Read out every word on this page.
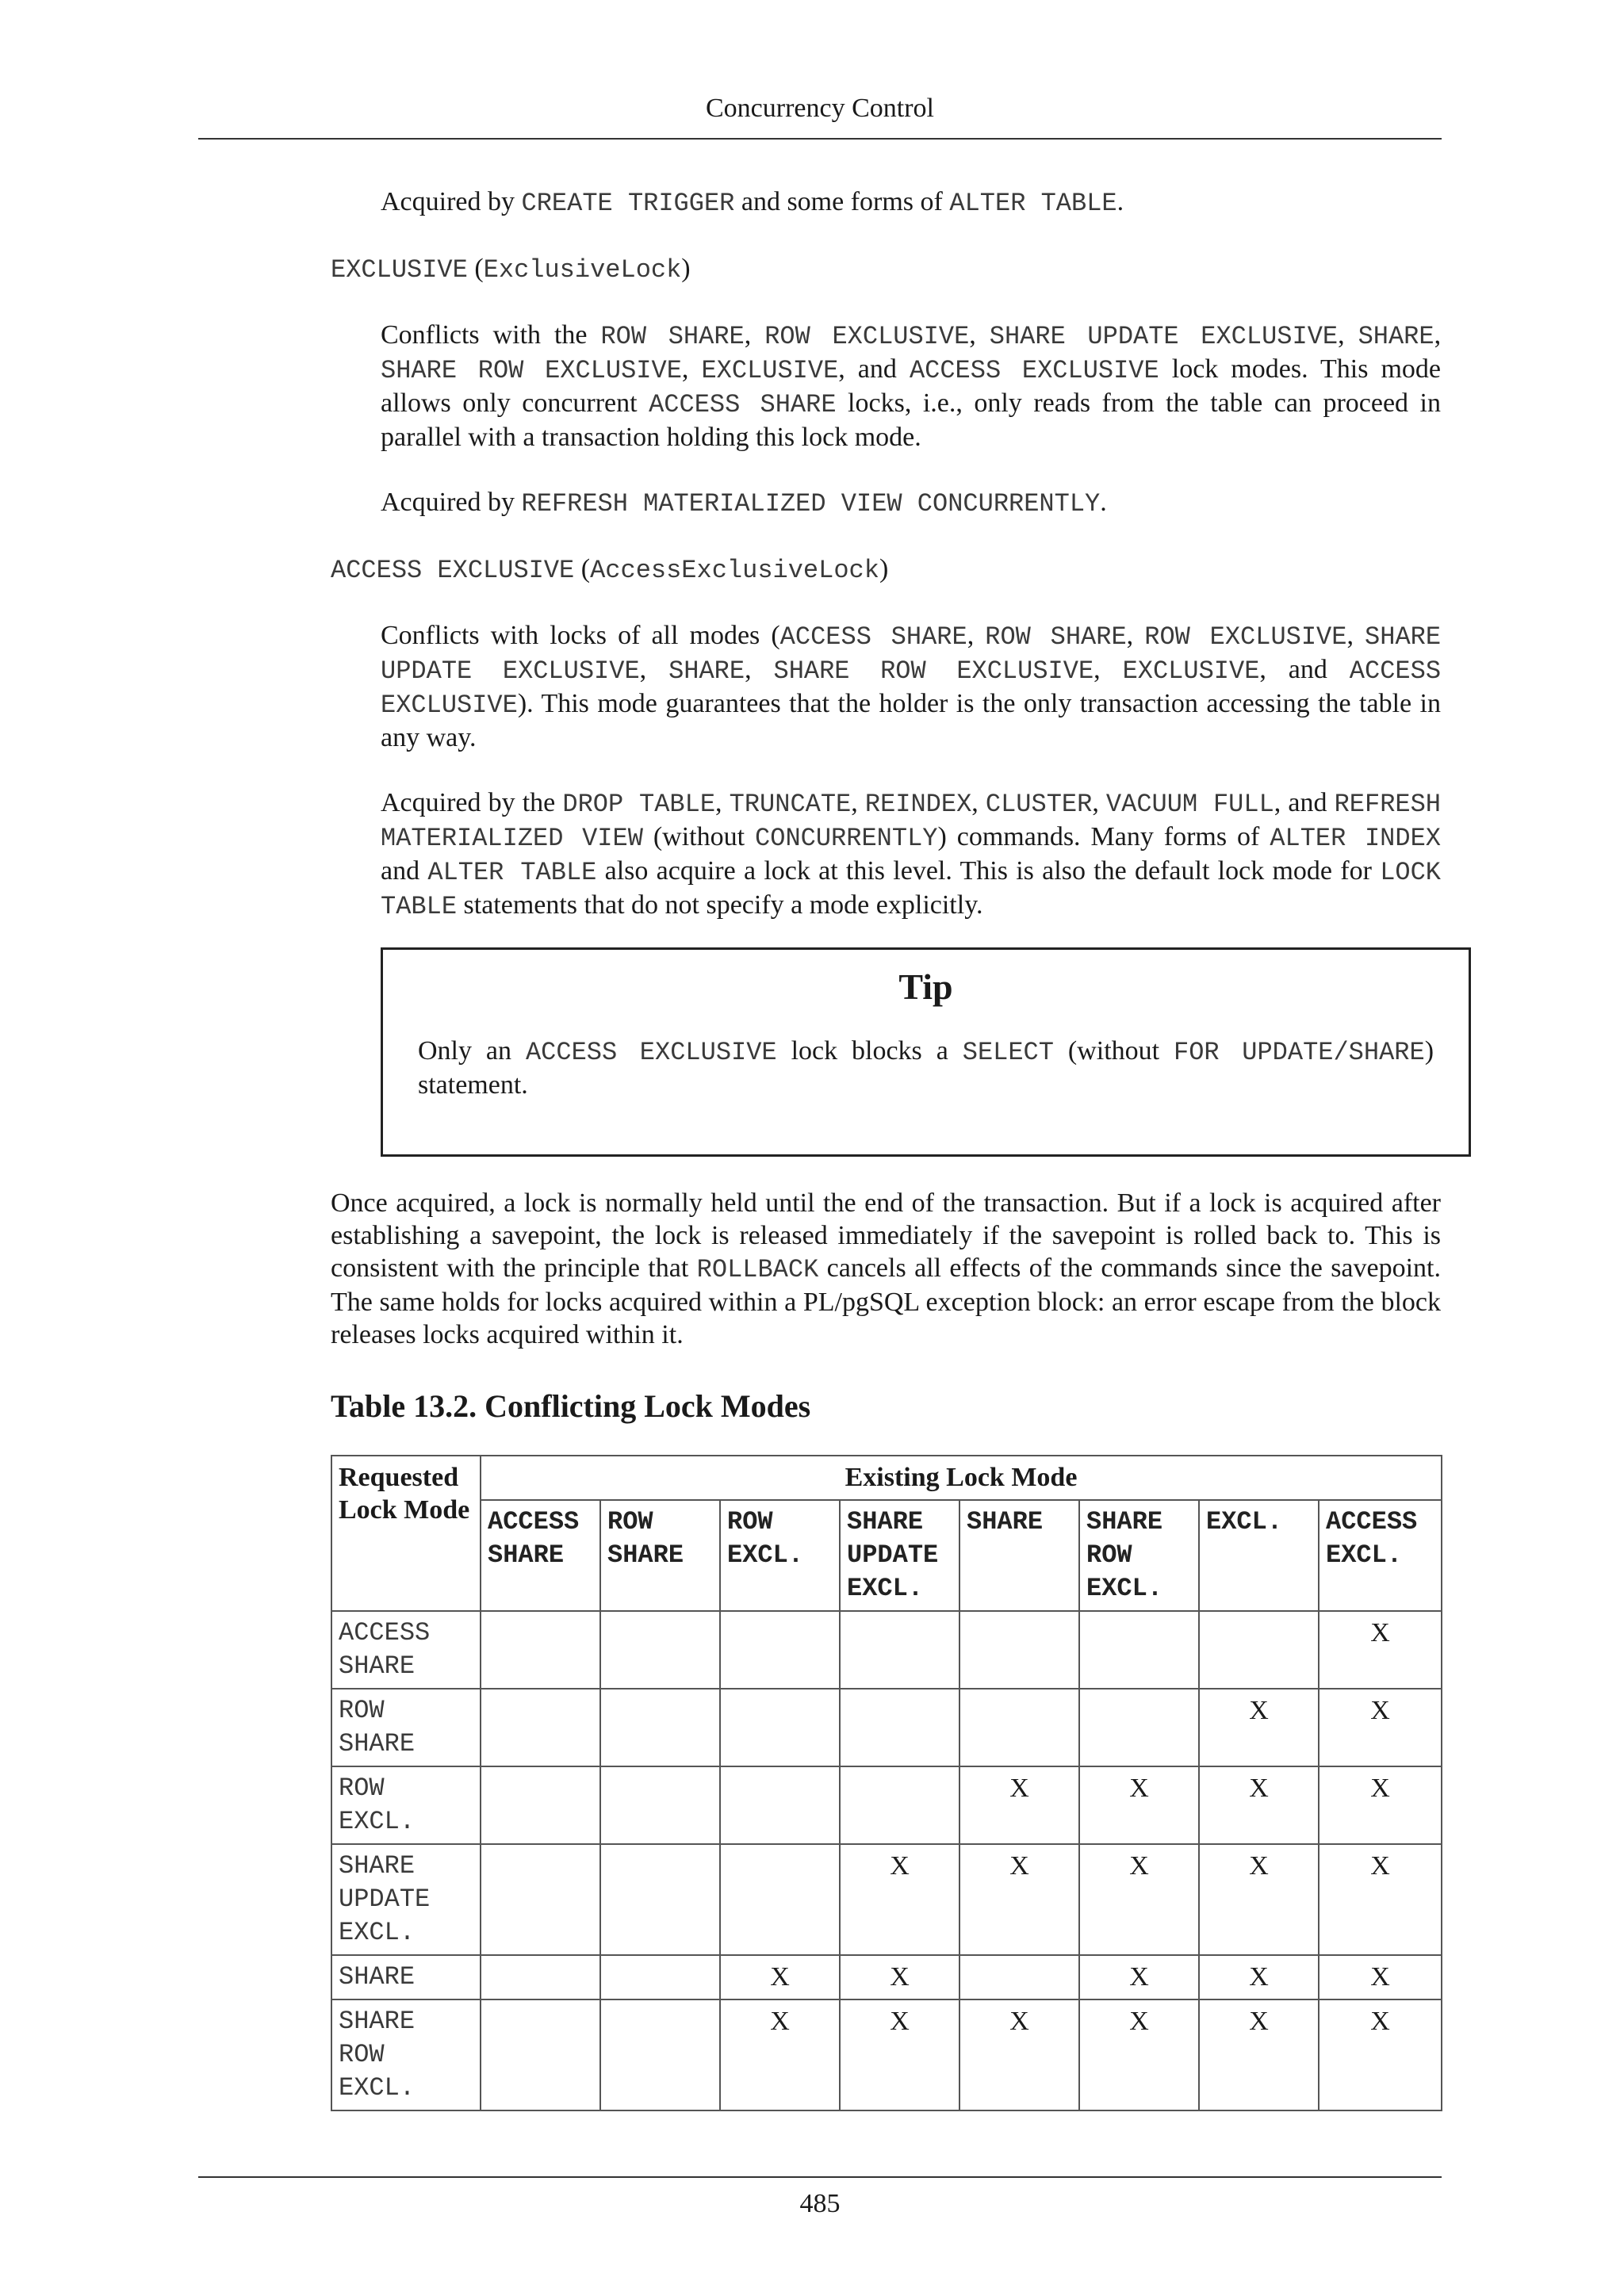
Concurrency Control

Acquired by CREATE TRIGGER and some forms of ALTER TABLE.

EXCLUSIVE (ExclusiveLock)

Conflicts with the ROW SHARE, ROW EXCLUSIVE, SHARE UPDATE EXCLUSIVE, SHARE, SHARE ROW EXCLUSIVE, EXCLUSIVE, and ACCESS EXCLUSIVE lock modes. This mode allows only concurrent ACCESS SHARE locks, i.e., only reads from the table can proceed in parallel with a transaction holding this lock mode.

Acquired by REFRESH MATERIALIZED VIEW CONCURRENTLY.

ACCESS EXCLUSIVE (AccessExclusiveLock)

Conflicts with locks of all modes (ACCESS SHARE, ROW SHARE, ROW EXCLUSIVE, SHARE UPDATE EXCLUSIVE, SHARE, SHARE ROW EXCLUSIVE, EXCLUSIVE, and ACCESS EXCLUSIVE). This mode guarantees that the holder is the only transaction accessing the table in any way.

Acquired by the DROP TABLE, TRUNCATE, REINDEX, CLUSTER, VACUUM FULL, and REFRESH MATERIALIZED VIEW (without CONCURRENTLY) commands. Many forms of ALTER INDEX and ALTER TABLE also acquire a lock at this level. This is also the default lock mode for LOCK TABLE statements that do not specify a mode explicitly.

Tip
Only an ACCESS EXCLUSIVE lock blocks a SELECT (without FOR UPDATE/SHARE) statement.
Once acquired, a lock is normally held until the end of the transaction. But if a lock is acquired after establishing a savepoint, the lock is released immediately if the savepoint is rolled back to. This is consistent with the principle that ROLLBACK cancels all effects of the commands since the savepoint. The same holds for locks acquired within a PL/pgSQL exception block: an error escape from the block releases locks acquired within it.
Table 13.2. Conflicting Lock Modes
Requested Lock Mode	Existing Lock Mode							
	ACCESS SHARE	ROW SHARE	ROW EXCL.	SHARE UPDATE EXCL.	SHARE	SHARE ROW EXCL.	EXCL.	ACCESS EXCL.
ACCESS SHARE								X
ROW SHARE							X	X
ROW EXCL.					X	X	X	X
SHARE UPDATE EXCL.				X	X	X	X	X
SHARE			X	X		X	X	X
SHARE ROW EXCL.			X	X	X	X	X	X
485
